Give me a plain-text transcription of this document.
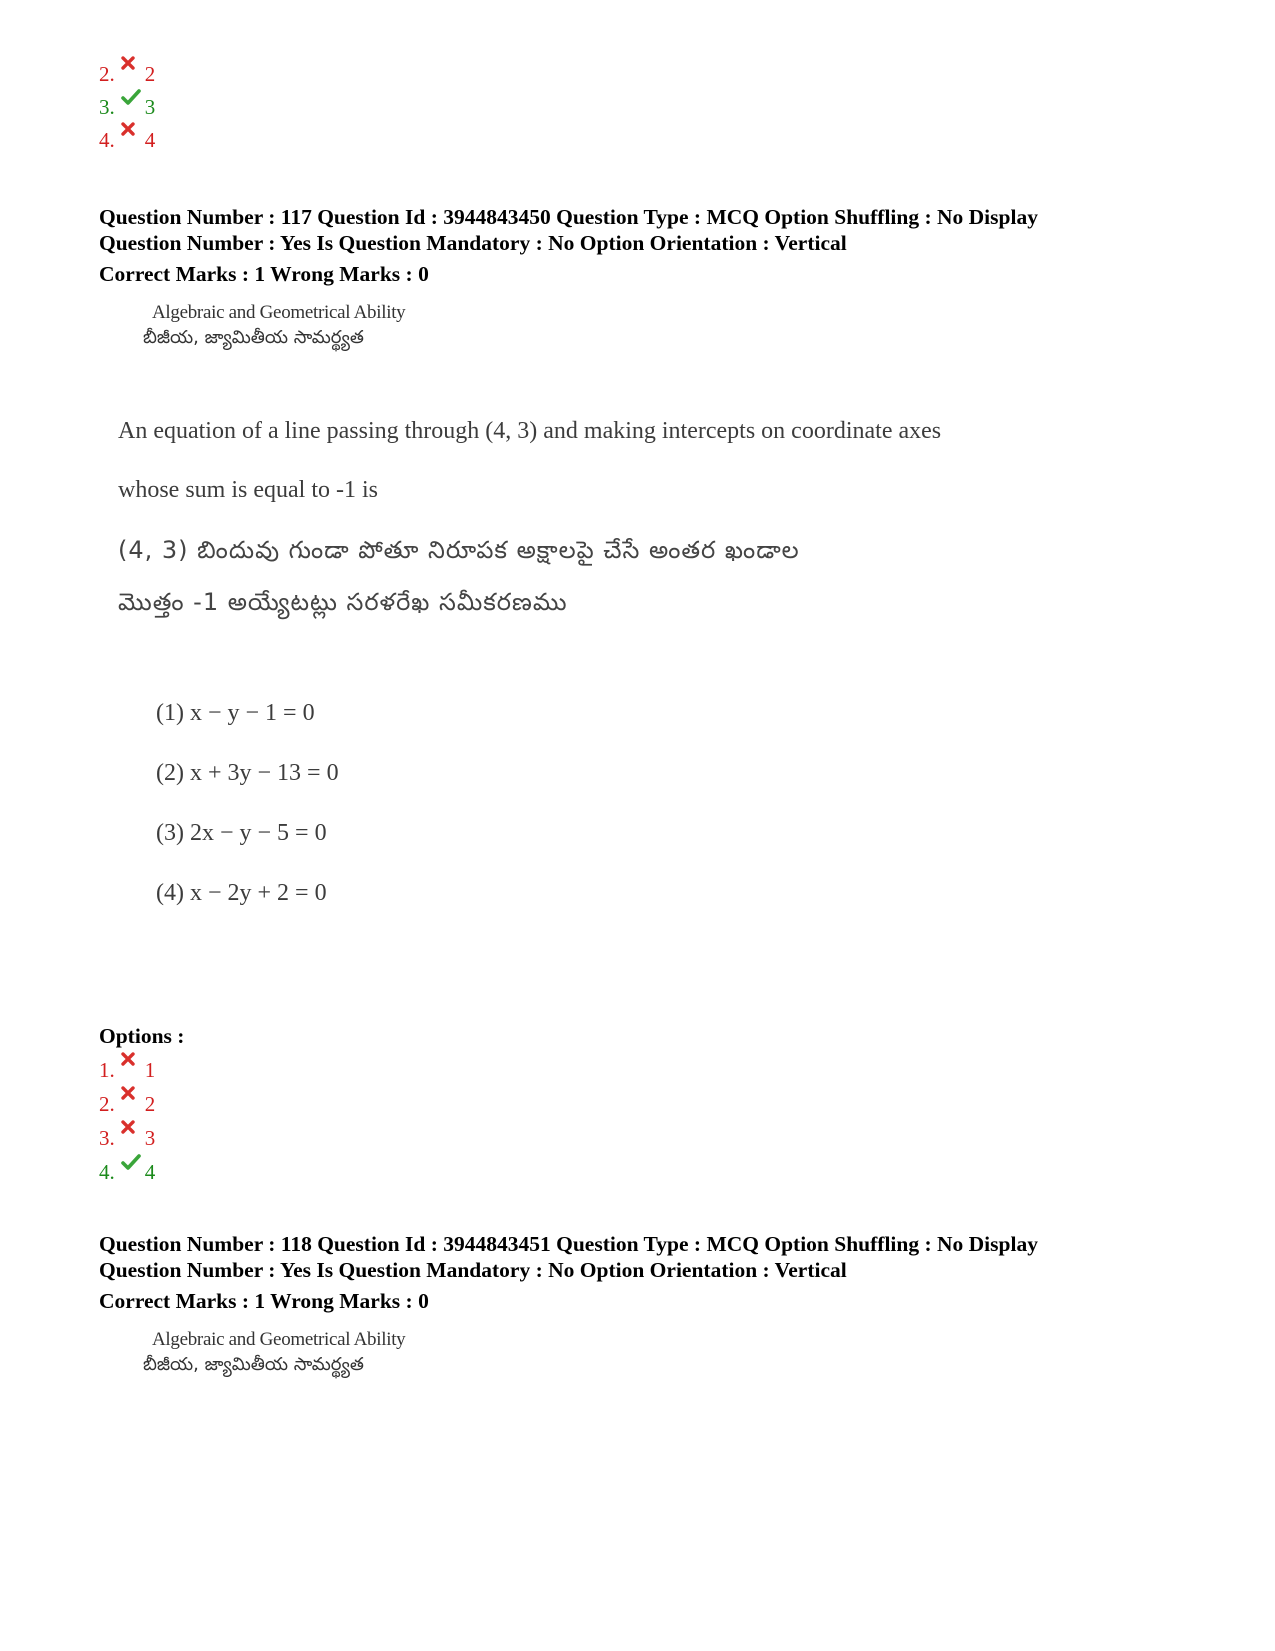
2. 2
3. 3
4. 4
Question Number : 117 Question Id : 3944843450 Question Type : MCQ Option Shuffling : No Display
Question Number : Yes Is Question Mandatory : No Option Orientation : Vertical
Correct Marks : 1 Wrong Marks : 0
Algebraic and Geometrical Ability
బీజీయ, జ్యామితీయ సామర్థ్యత
An equation of a line passing through (4, 3) and making intercepts on coordinate axes
whose sum is equal to -1 is
(4, 3) బిందువు గుండా పోతూ నిరూపక అక్షాలపై చేసే అంతర ఖండాల
మొత్తం -1 అయ్యేటట్లు సరళరేఖ సమీకరణము
(1) x − y − 1 = 0
(2) x + 3y − 13 = 0
(3) 2x − y − 5 = 0
(4) x − 2y + 2 = 0
Options :
1. 1
2. 2
3. 3
4. 4
Question Number : 118 Question Id : 3944843451 Question Type : MCQ Option Shuffling : No Display
Question Number : Yes Is Question Mandatory : No Option Orientation : Vertical
Correct Marks : 1 Wrong Marks : 0
Algebraic and Geometrical Ability
బీజీయ, జ్యామితీయ సామర్థ్యత
